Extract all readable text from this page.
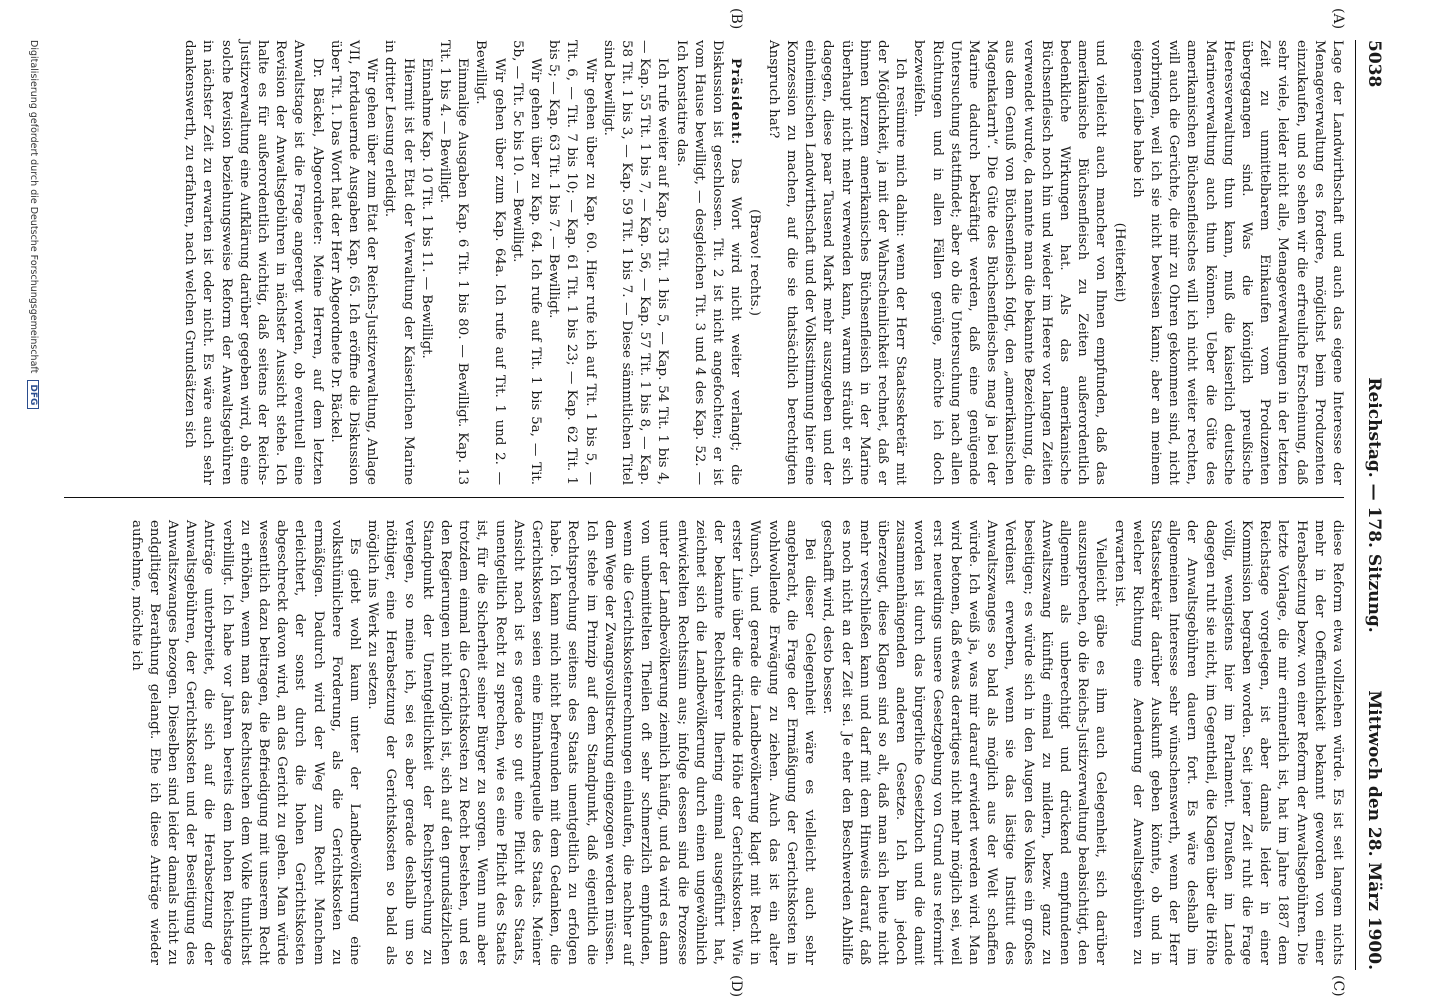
5038
Reichstag. — 178. Sitzung.
Mittwoch den 28. März 1900.
(A)
(B)
(C)
(D)

Lage der Landwirthschaft und auch das eigene Interesse der Menageverwaltung es fordere, möglichst beim Produzenten einzukaufen, und so sehen wir die erfreuliche Erscheinung, daß sehr viele, leider nicht alle, Menageverwaltungen in der letzten Zeit zu unmittelbarem Einkaufen vom Produzenten übergegangen sind. Was die königlich preußische Heeresverwaltung thun kann, muß die kaiserlich deutsche Marineverwaltung auch thun können. Ueber die Güte des amerikanischen Büchsenfleisches will ich nicht weiter rechten, will auch die Gerüchte, die mir zu Ohren gekommen sind, nicht vorbringen, weil ich sie nicht beweisen kann; aber an meinem eigenen Leibe habe ich

(Heiterkeit)

und vielleicht auch mancher von Ihnen empfunden, daß das amerikanische Büchsenfleisch zu Zeiten außerordentlich bedenkliche Wirkungen hat. Als das amerikanische Büchsenfleisch noch hin und wieder im Heere vor langen Zeiten verwendet wurde, da nannte man die bekannte Bezeichnung, die aus dem Genuß von Büchsenfleisch folgt, den „amerikanischen Magenkatarrh“. Die Güte des Büchsenfleisches mag ja bei der Marine dadurch bekräftigt werden, daß eine genügende Untersuchung stattfindet; aber ob die Untersuchung nach allen Richtungen und in allen Fällen genüge, möchte ich doch bezweifeln.

Ich resümire mich dahin: wenn der Herr Staatssekretär mit der Möglichkeit, ja mit der Wahrscheinlichkeit rechnet, daß er binnen kurzem amerikanisches Büchsenfleisch in der Marine überhaupt nicht mehr verwenden kann, warum sträubt er sich dagegen, diese paar Tausend Mark mehr auszugeben und der einheimischen Landwirthschaft und der Volksstimmung hier eine Konzession zu machen, auf die sie thatsächlich berechtigten Anspruch hat?

(Bravo! rechts.)

Präsident: Das Wort wird nicht weiter verlangt; die Diskussion ist geschlossen. Tit. 2 ist nicht angefochten; er ist vom Hause bewilligt, — desgleichen Tit. 3 und 4 des Kap. 52. — Ich konstatire das.

Ich rufe weiter auf Kap. 53 Tit. 1 bis 5, — Kap. 54 Tit. 1 bis 4, — Kap. 55 Tit. 1 bis 7, — Kap. 56, — Kap. 57 Tit. 1 bis 8, — Kap. 58 Tit. 1 bis 3, — Kap. 59 Tit. 1 bis 7. — Diese sämmtlichen Titel sind bewilligt.

Wir gehen über zu Kap. 60. Hier rufe ich auf Tit. 1 bis 5, — Tit. 6, — Tit. 7 bis 10; — Kap. 61 Tit. 1 bis 23; — Kap. 62 Tit. 1 bis 5; — Kap. 63 Tit. 1 bis 7. — Bewilligt.

Wir gehen über zu Kap. 64. Ich rufe auf Tit. 1 bis 5a, — Tit. 5b, — Tit. 5c bis 10. — Bewilligt.

Wir gehen über zum Kap. 64a. Ich rufe auf Tit. 1 und 2. — Bewilligt.

Einmalige Ausgaben Kap. 6 Tit. 1 bis 80. — Bewilligt. Kap. 13 Tit. 1 bis 4. — Bewilligt.

Einnahme Kap. 10 Tit. 1 bis 11. — Bewilligt.

Hiermit ist der Etat der Verwaltung der Kaiserlichen Marine in dritter Lesung erledigt.

Wir gehen über zum Etat der Reichs-Justizverwaltung, Anlage VII, fortdauernde Ausgaben Kap. 65. Ich eröffne die Diskussion über Tit. 1. Das Wort hat der Herr Abgeordnete Dr. Bäckel.

Dr. Bäckel, Abgeordneter: Meine Herren, auf dem letzten Anwaltstage ist die Frage angeregt worden, ob eventuell eine Revision der Anwaltsgebühren in nächster Aussicht stehe. Ich halte es für außerordentlich wichtig, daß seitens der Reichs-Justizverwaltung eine Aufklärung darüber gegeben wird, ob eine solche Revision beziehungsweise Reform der Anwaltsgebühren in nächster Zeit zu erwarten ist oder nicht. Es wäre auch sehr dankenswerth, zu erfahren, nach welchen Grundsätzen sich

diese Reform etwa vollziehen würde. Es ist seit langem nichts mehr in der Oeffentlichkeit bekannt geworden von einer Herabsetzung bezw. von einer Reform der Anwaltsgebühren. Die letzte Vorlage, die mir erinnerlich ist, hat im Jahre 1887 dem Reichstage vorgelegen, ist aber damals leider in einer Kommission begraben worden. Seit jener Zeit ruht die Frage völlig, wenigstens hier im Parlament. Draußen im Lande dagegen ruht sie nicht, im Gegentheil, die Klagen über die Höhe der Anwaltsgebühren dauern fort. Es wäre deshalb im allgemeinen Interesse sehr wünschenswerth, wenn der Herr Staatssekretär darüber Auskunft geben könnte, ob und in welcher Richtung eine Aenderung der Anwaltsgebühren zu erwarten ist.

Vielleicht gäbe es ihm auch Gelegenheit, sich darüber auszusprechen, ob die Reichs-Justizverwaltung beabsichtigt, den allgemein als unberechtigt und drückend empfundenen Anwaltszwang künftig einmal zu mildern, bezw. ganz zu beseitigen; es würde sich in den Augen des Volkes ein großes Verdienst erwerben, wenn sie das lästige Institut des Anwaltszwanges so bald als möglich aus der Welt schaffen würde. Ich weiß ja, was mir darauf erwidert werden wird. Man wird betonen, daß etwas derartiges nicht mehr möglich sei, weil erst neuerdings unsere Gesetzgebung von Grund aus reformirt worden ist durch das bürgerliche Gesetzbuch und die damit zusammenhängenden anderen Gesetze. Ich bin jedoch überzeugt, diese Klagen sind so alt, daß man sich heute nicht mehr verschließen kann und darf mit dem Hinweis darauf, daß es noch nicht an der Zeit sei. Je eher den Beschwerden Abhilfe geschafft wird, desto besser.

Bei dieser Gelegenheit wäre es vielleicht auch sehr angebracht, die Frage der Ermäßigung der Gerichtskosten in wohlwollende Erwägung zu ziehen. Auch das ist ein alter Wunsch, und gerade die Landbevölkerung klagt mit Recht in erster Linie über die drückende Höhe der Gerichtskosten. Wie der bekannte Rechtslehrer Ihering einmal ausgeführt hat, zeichnet sich die Landbevölkerung durch einen ungewöhnlich entwickelten Rechtssinn aus; infolge dessen sind die Prozesse unter der Landbevölkerung ziemlich häufig, und da wird es dann von unbemittelten Theilen oft sehr schmerzlich empfunden, wenn die Gerichtskostenrechnungen einlaufen, die nachher auf dem Wege der Zwangsvollstreckung eingezogen werden müssen. Ich stehe im Prinzip auf dem Standpunkt, daß eigentlich die Rechtsprechung seitens des Staats unentgeltlich zu erfolgen habe. Ich kann mich nicht befreunden mit dem Gedanken, die Gerichtskosten seien eine Einnahmequelle des Staats. Meiner Ansicht nach ist es gerade so gut eine Pflicht des Staats, unentgeltlich Recht zu sprechen, wie es eine Pflicht des Staats ist, für die Sicherheit seiner Bürger zu sorgen. Wenn nun aber trotzdem einmal die Gerichtskosten zu Recht bestehen, und es den Regierungen nicht möglich ist, sich auf den grundsätzlichen Standpunkt der Unentgeltlichkeit der Rechtsprechung zu verlegen, so meine ich, sei es aber gerade deshalb um so nöthiger, eine Herabsetzung der Gerichtskosten so bald als möglich ins Werk zu setzen.

Es giebt wohl kaum unter der Landbevölkerung eine volksthümlichere Forderung, als die Gerichtskosten zu ermäßigen. Dadurch wird der Weg zum Recht Manchem erleichtert, der sonst durch die hohen Gerichtskosten abgeschreckt davon wird, an das Gericht zu gehen. Man würde wesentlich dazu beitragen, die Befriedigung mit unserem Recht zu erhöhen, wenn man das Rechtsuchen dem Volke thunlichst verbilligt. Ich habe vor Jahren bereits dem hohen Reichstage Anträge unterbreitet, die sich auf die Herabsetzung der Anwaltsgebühren, der Gerichtskosten und der Beseitigung des Anwaltszwanges bezogen. Dieselben sind leider damals nicht zu endgiltiger Berathung gelangt. Ehe ich diese Anträge wieder aufnehme, möchte ich

Digitalisierung gefördert durch die Deutsche Forschungsgemeinschaft DFG
